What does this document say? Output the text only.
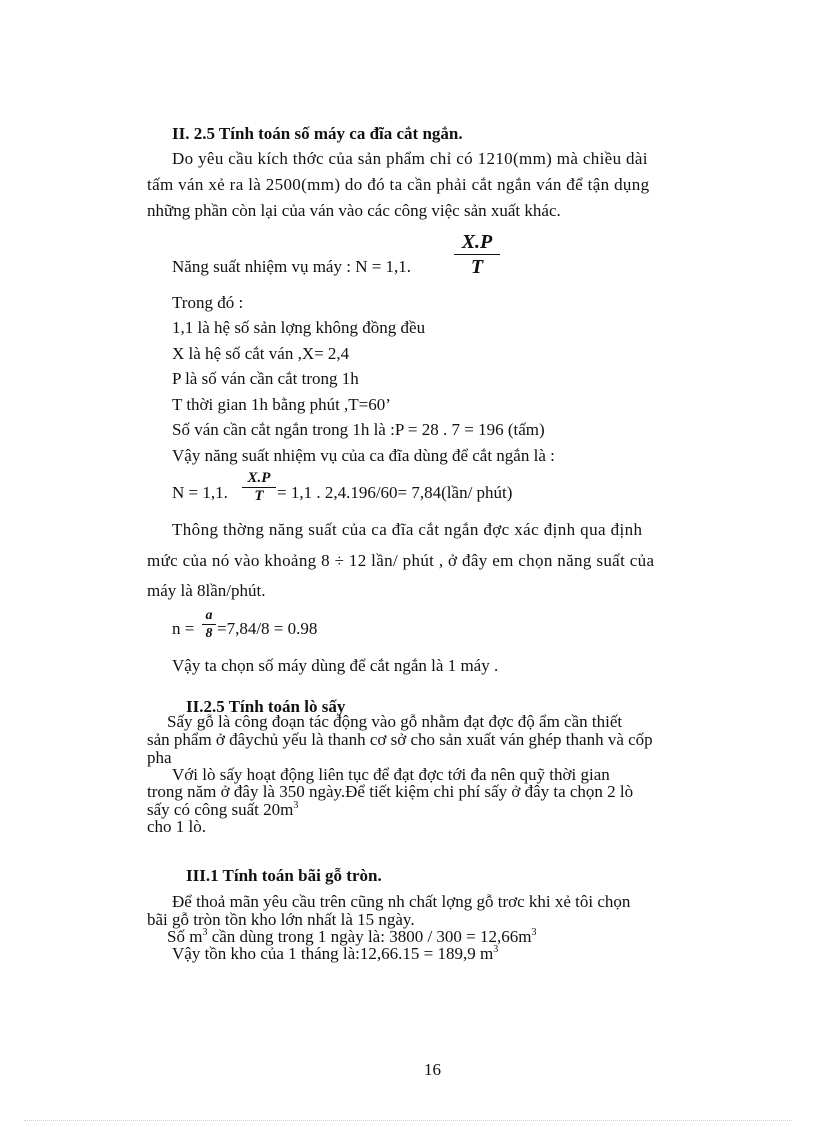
II. 2.5 Tính toán số máy ca đĩa cắt ngắn.
Do yêu cầu kích thớc của sản phẩm chỉ có 1210(mm) mà chiều dài
tấm ván xẻ ra là 2500(mm) do đó ta cần phải cắt ngắn ván để tận dụng
những phần còn lại của ván vào các công việc sản xuất khác.
Năng suất nhiệm vụ máy : N = 1,1. $\frac{X.P}{T}$
Trong đó :
1,1 là hệ số sản lợng không đồng đều
X là hệ số cắt ván ,X= 2,4
P là số ván cần cắt trong 1h
T thời gian 1h bằng phút ,T=60’
Số ván cần cắt ngắn trong 1h là :P = 28 . 7 = 196 (tấm)
Vậy năng suất nhiệm vụ của ca đĩa dùng để cắt ngắn là :
N = 1,1. $\frac{X.P}{T} = 1,1$ . 2,4.196/60= 7,84(lần/ phút)
Thông thờng năng suất của ca đĩa cắt ngắn đợc xác định qua định
mức của nó vào khoảng 8 ÷ 12 lần/ phút , ở đây em chọn năng suất của
máy là 8lần/phút.
$n = \frac{a}{8} =7,84/8 = 0.98$
Vậy ta chọn số máy dùng để cắt ngắn là 1 máy .
II.2.5 Tính toán lò sấy
Sấy gỗ là công đoạn tác động vào gỗ nhằm đạt đợc độ ẩm cần thiết
sản phẩm ở đâychủ yếu là thanh cơ sở cho sản xuất ván ghép thanh và cốp
pha
Với lò sấy hoạt động liên tục để đạt đợc tới đa nên quỹ thời gian
trong năm ở đây là 350 ngày.Để tiết kiệm chi phí sấy ở đây ta chọn 2 lò
sấy có công suất $20m^3$
cho 1 lò.
III.1 Tính toán bãi gỗ tròn.
Để thoả mãn yêu cầu trên cũng nh chất lợng gỗ trơc khi xẻ tôi chọn
bãi gỗ tròn tồn kho lớn nhất là 15 ngày.
Số $m^3$ cần dùng trong 1 ngày là: $3800 / 300 = 12,66m^3$
Vậy tồn kho của 1 tháng là:12,66.15 = 189,9 $m^3$
16
